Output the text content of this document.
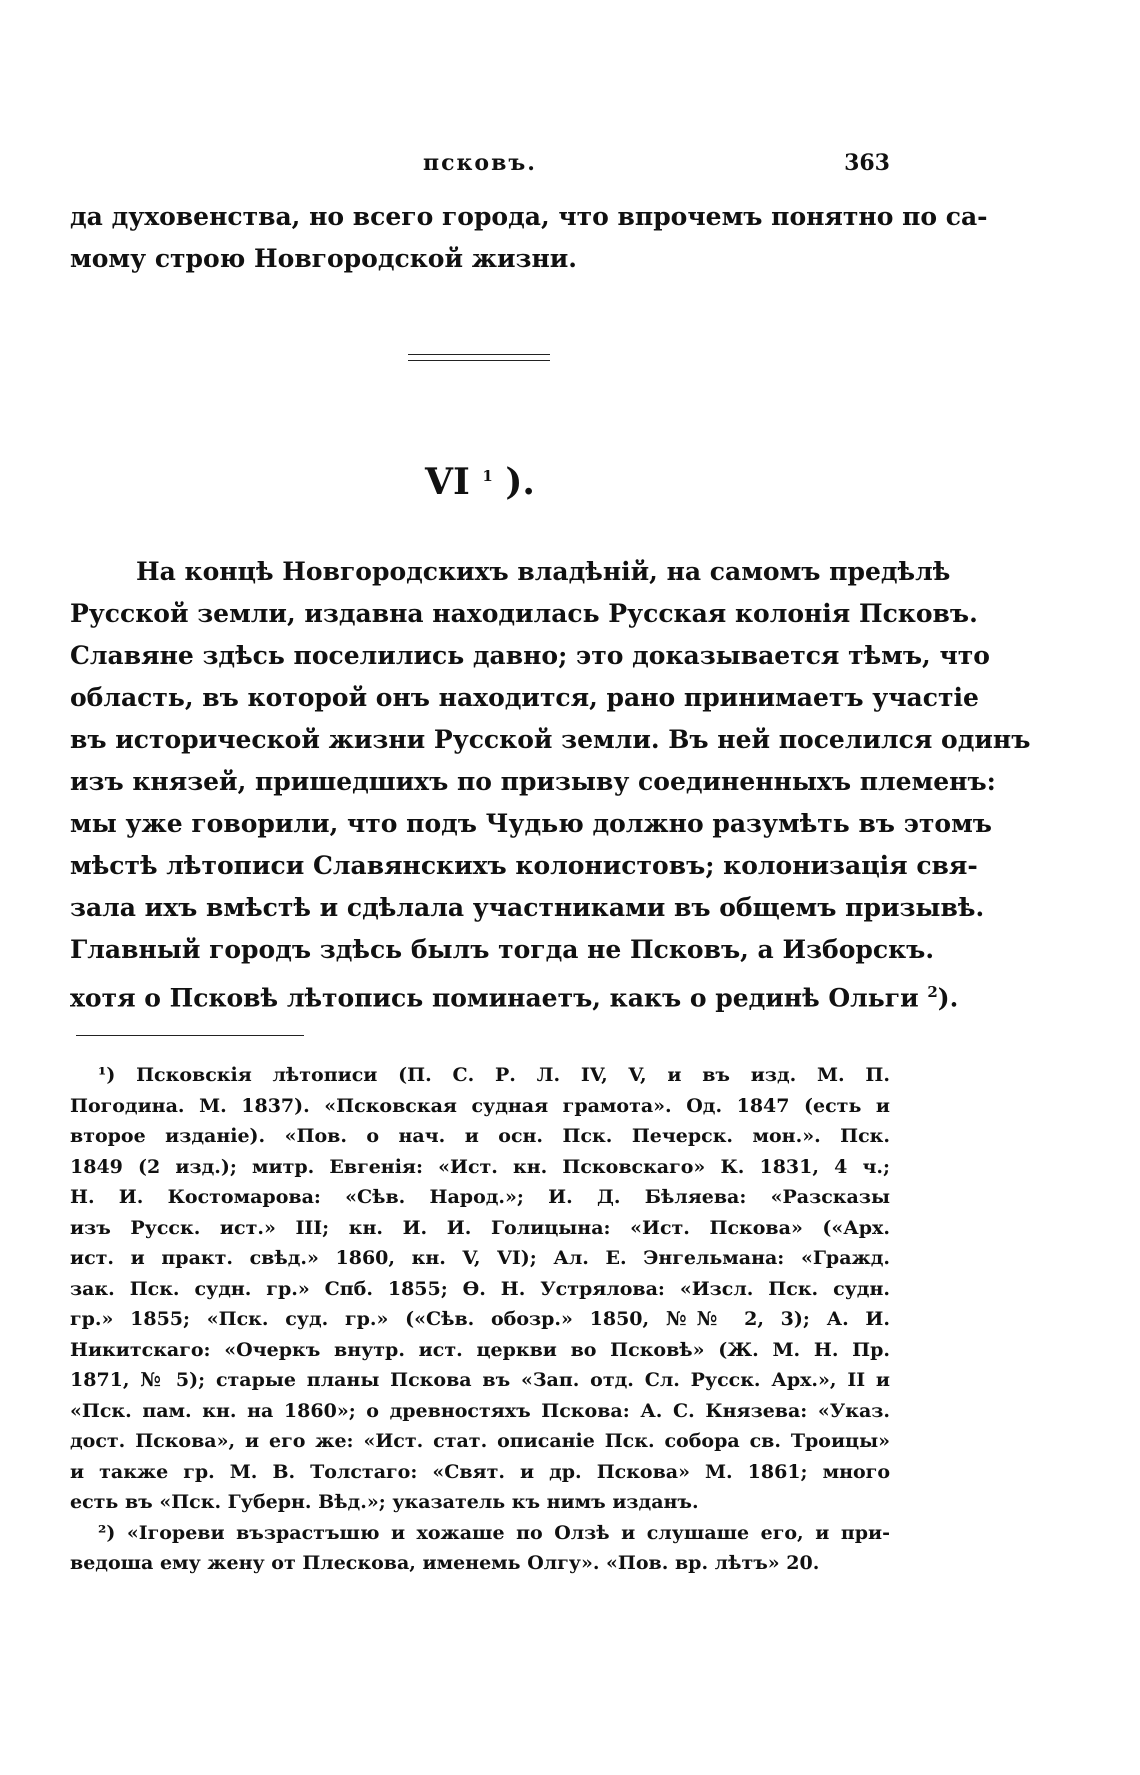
псковъ.	363
да духовенства, но всего города, что впрочемъ понятно по са-
мому строю Новгородской жизни.
VI $^1$ ).
На концѣ Новгородскихъ владѣній, на самомъ предѣлѣ
Русской земли, издавна находилась Русская колонія Псковъ.
Славяне здѣсь поселились давно; это доказывается тѣмъ, что
область, въ которой онъ находится, рано принимаетъ участіе
въ исторической жизни Русской земли. Въ ней поселился одинъ
изъ князей, пришедшихъ по призыву соединенныхъ племенъ:
мы уже говорили, что подъ Чудью должно разумѣть въ этомъ
мѣстѣ лѣтописи Славянскихъ колонистовъ; колонизація свя-
зала ихъ вмѣстѣ и сдѣлала участниками въ общемъ призывѣ.
Главный городъ здѣсь былъ тогда не Псковъ, а Изборскъ.
хотя о Псковѣ лѣтопись поминаетъ, какъ о рединѣ Ольги $^2$).
¹) Псковскія лѣтописи (П. С. Р. Л. IV, V, и въ изд. М. П.
Погодина. М. 1837). «Псковская судная грамота». Од. 1847 (есть и
второе изданіе). «Пов. о нач. и осн. Пск. Печерск. мон.». Пск.
1849 (2 изд.); митр. Евгенія: «Ист. кн. Псковскаго» К. 1831, 4 ч.;
Н. И. Костомарова: «Сѣв. Народ.»; И. Д. Бѣляева: «Разсказы
изъ Русск. ист.» III; кн. И. И. Голицына: «Ист. Пскова» («Арх.
ист. и практ. свѣд.» 1860, кн. V, VI); Ал. Е. Энгельмана: «Гражд.
зак. Пск. судн. гр.» Спб. 1855; Ѳ. Н. Устрялова: «Изсл. Пск. судн.
гр.» 1855; «Пск. суд. гр.» («Сѣв. обозр.» 1850, №№ 2, 3); А. И.
Никитскаго: «Очеркъ внутр. ист. церкви во Псковѣ» (Ж. М. Н. Пр.
1871, № 5); старые планы Пскова въ «Зап. отд. Сл. Русск. Арх.», II и
«Пск. пам. кн. на 1860»; о древностяхъ Пскова: А. С. Князева: «Указ.
дост. Пскова», и его же: «Ист. стат. описаніе Пск. собора св. Троицы»
и также гр. М. В. Толстаго: «Свят. и др. Пскова» М. 1861; много
есть въ «Пск. Губерн. Вѣд.»; указатель къ нимъ изданъ.
²) «Ігореви възрастъшю и хожаше по Олзѣ и слушаше его, и при-
ведоша ему жену от Плескова, именемь Олгу». «Пов. вр. лѣтъ» 20.
